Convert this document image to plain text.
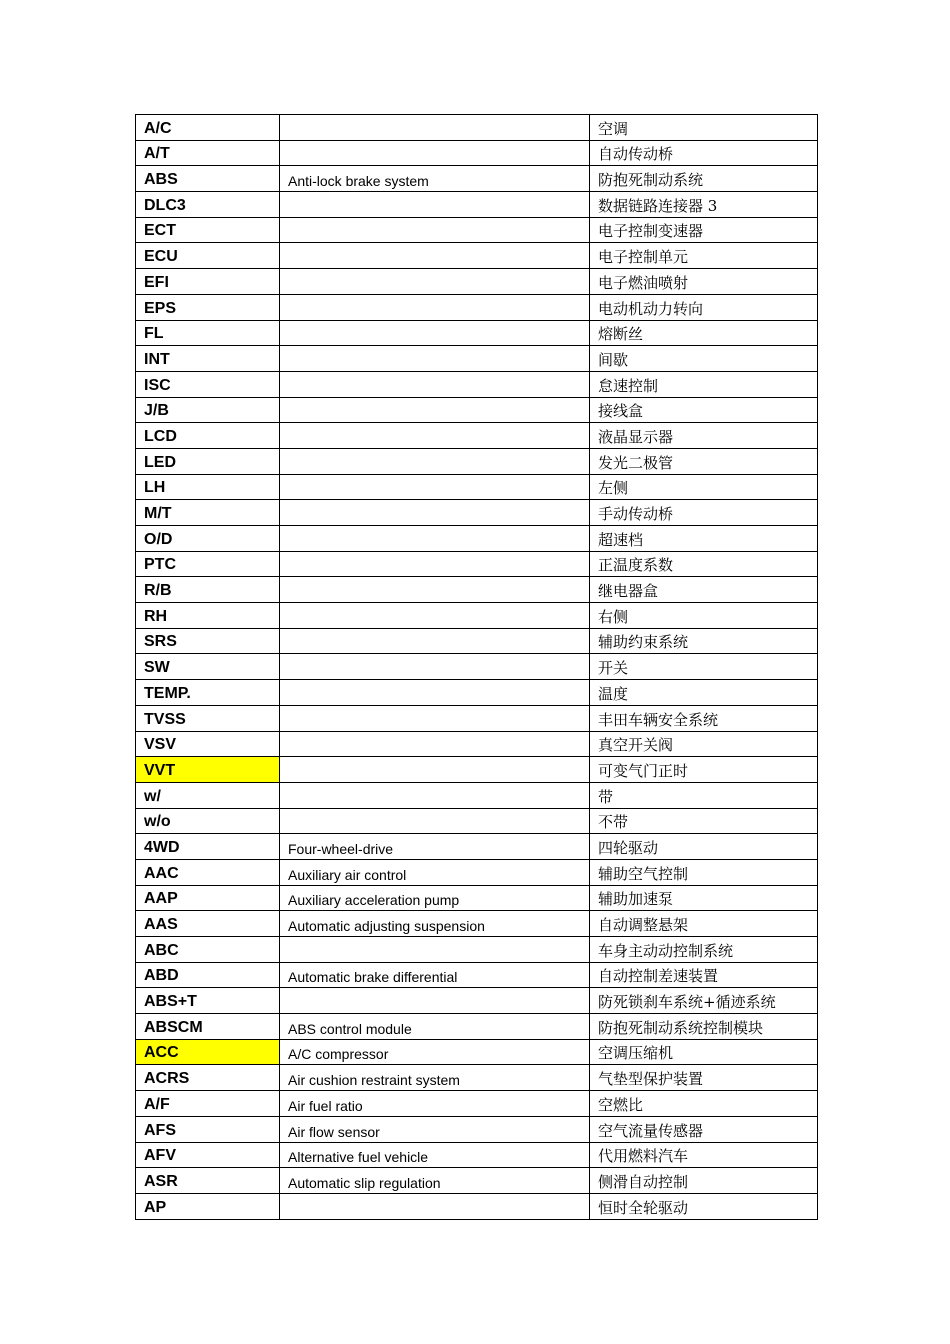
A/C		空调
A/T		自动传动桥
ABS	Anti-lock brake system	防抱死制动系统
DLC3		数据链路连接器 3
ECT		电子控制变速器
ECU		电子控制单元
EFI		电子燃油喷射
EPS		电动机动力转向
FL		熔断丝
INT		间歇
ISC		怠速控制
J/B		接线盒
LCD		液晶显示器
LED		发光二极管
LH		左侧
M/T		手动传动桥
O/D		超速档
PTC		正温度系数
R/B		继电器盒
RH		右侧
SRS		辅助约束系统
SW		开关
TEMP.		温度
TVSS		丰田车辆安全系统
VSV		真空开关阀
VVT		可变气门正时
w/		带
w/o		不带
4WD	Four-wheel-drive	四轮驱动
AAC	Auxiliary air control	辅助空气控制
AAP	Auxiliary acceleration pump	辅助加速泵
AAS	Automatic adjusting suspension	自动调整悬架
ABC		车身主动动控制系统
ABD	Automatic brake differential	自动控制差速装置
ABS+T		防死锁刹车系统+循迹系统
ABSCM	ABS control module	防抱死制动系统控制模块
ACC	A/C compressor	空调压缩机
ACRS	Air cushion restraint system	气垫型保护装置
A/F	Air fuel ratio	空燃比
AFS	Air flow sensor	空气流量传感器
AFV	Alternative fuel vehicle	代用燃料汽车
ASR	Automatic slip regulation	侧滑自动控制
AP		恒时全轮驱动
